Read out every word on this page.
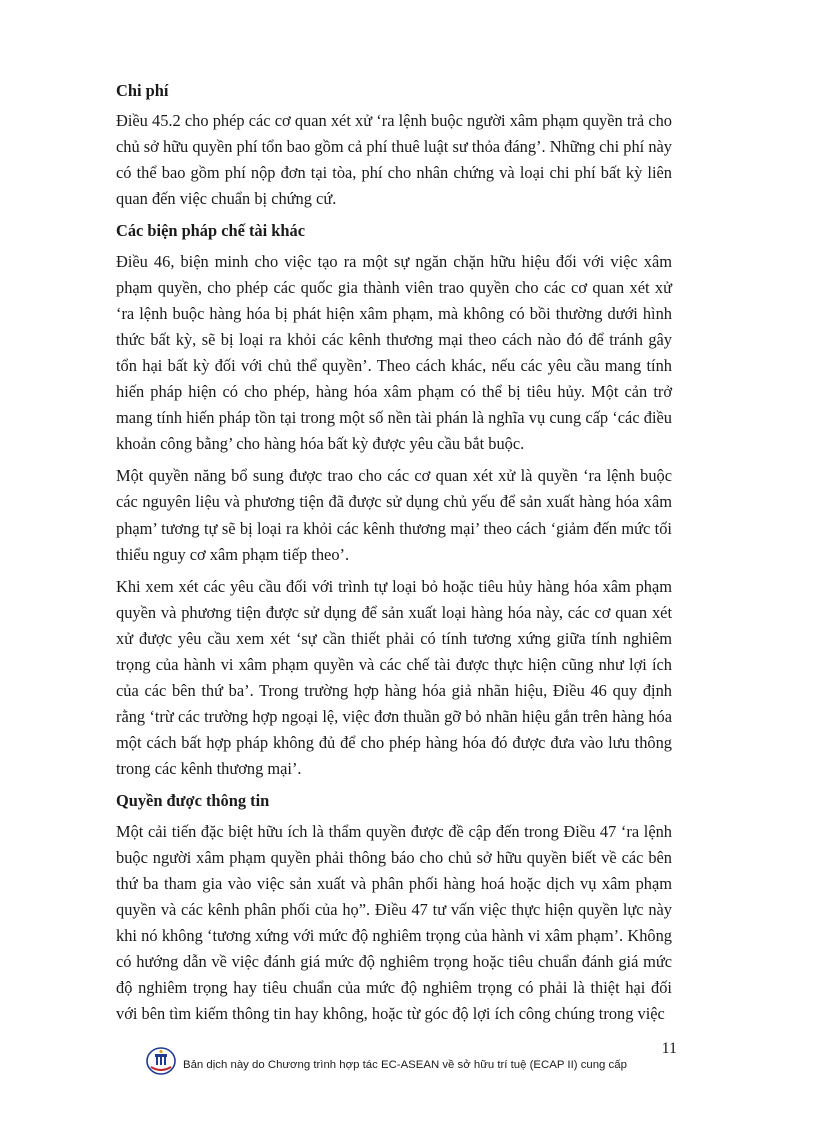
Chi phí

Điều 45.2 cho phép các cơ quan xét xử ‘ra lệnh buộc người xâm phạm quyền trả cho chủ sở hữu quyền phí tổn bao gồm cả phí thuê luật sư thỏa đáng’. Những chi phí này có thể bao gồm phí nộp đơn tại tòa, phí cho nhân chứng và loại chi phí bất kỳ liên quan đến việc chuẩn bị chứng cứ.

Các biện pháp chế tài khác

Điều 46, biện minh cho việc tạo ra một sự ngăn chặn hữu hiệu đối với việc xâm phạm quyền, cho phép các quốc gia thành viên trao quyền cho các cơ quan xét xử ‘ra lệnh buộc hàng hóa bị phát hiện xâm phạm, mà không có bồi thường dưới hình thức bất kỳ, sẽ bị loại ra khỏi các kênh thương mại theo cách nào đó để tránh gây tổn hại bất kỳ đối với chủ thể quyền’. Theo cách khác, nếu các yêu cầu mang tính hiến pháp hiện có cho phép, hàng hóa xâm phạm có thể bị tiêu hủy. Một cản trở mang tính hiến pháp tồn tại trong một số nền tài phán là nghĩa vụ cung cấp ‘các điều khoản công bằng’ cho hàng hóa bất kỳ được yêu cầu bắt buộc.

Một quyền năng bổ sung được trao cho các cơ quan xét xử là quyền ‘ra lệnh buộc các nguyên liệu và phương tiện đã được sử dụng chủ yếu để sản xuất hàng hóa xâm phạm’ tương tự sẽ bị loại ra khỏi các kênh thương mại’ theo cách ‘giảm đến mức tối thiểu nguy cơ xâm phạm tiếp theo’.

Khi xem xét các yêu cầu đối với trình tự loại bỏ hoặc tiêu hủy hàng hóa xâm phạm quyền và phương tiện được sử dụng để sản xuất loại hàng hóa này, các cơ quan xét xử được yêu cầu xem xét ‘sự cần thiết phải có tính tương xứng giữa tính nghiêm trọng của hành vi xâm phạm quyền và các chế tài được thực hiện cũng như lợi ích của các bên thứ ba’. Trong trường hợp hàng hóa giả nhãn hiệu, Điều 46 quy định rằng ‘trừ các trường hợp ngoại lệ, việc đơn thuần gỡ bỏ nhãn hiệu gắn trên hàng hóa một cách bất hợp pháp không đủ để cho phép hàng hóa đó được đưa vào lưu thông trong các kênh thương mại’.

Quyền được thông tin

Một cải tiến đặc biệt hữu ích là thẩm quyền được đề cập đến trong Điều 47 ‘ra lệnh buộc người xâm phạm quyền phải thông báo cho chủ sở hữu quyền biết về các bên thứ ba tham gia vào việc sản xuất và phân phối hàng hoá hoặc dịch vụ xâm phạm quyền và các kênh phân phối của họ”. Điều 47 tư vấn việc thực hiện quyền lực này khi nó không ‘tương xứng với mức độ nghiêm trọng của hành vi xâm phạm’. Không có hướng dẫn về việc đánh giá mức độ nghiêm trọng hoặc tiêu chuẩn đánh giá mức độ nghiêm trọng hay tiêu chuẩn của mức độ nghiêm trọng có phải là thiệt hại đối với bên tìm kiếm thông tin hay không, hoặc từ góc độ lợi ích công chúng trong việc

11
Bản dịch này do Chương trình hợp tác EC-ASEAN về sở hữu trí tuệ (ECAP II) cung cấp
